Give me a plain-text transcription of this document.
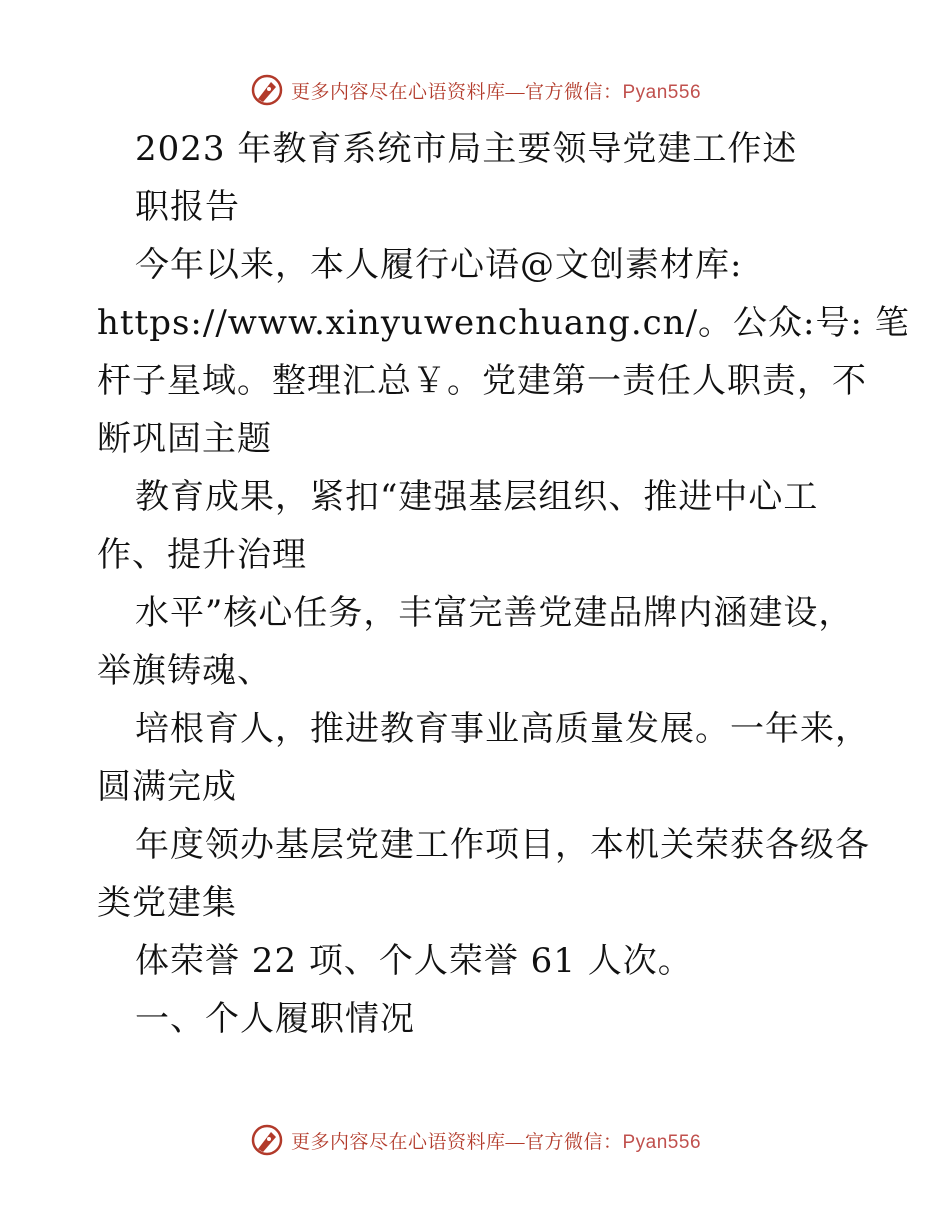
更多内容尽在心语资料库—官方微信：Pyan556
2023 年教育系统市局主要领导党建工作述
职报告
今年以来，本人履行心语@文创素材库:
https://www.xinyuwenchuang.cn/。公众:号: 笔
杆子星域。整理汇总￥。党建第一责任人职责，不
断巩固主题
教育成果，紧扣“建强基层组织、推进中心工
作、提升治理
水平”核心任务，丰富完善党建品牌内涵建设，
举旗铸魂、
培根育人，推进教育事业高质量发展。一年来，
圆满完成
年度领办基层党建工作项目，本机关荣获各级各
类党建集
体荣誉 22 项、个人荣誉 61 人次。
一、个人履职情况
更多内容尽在心语资料库—官方微信：Pyan556
